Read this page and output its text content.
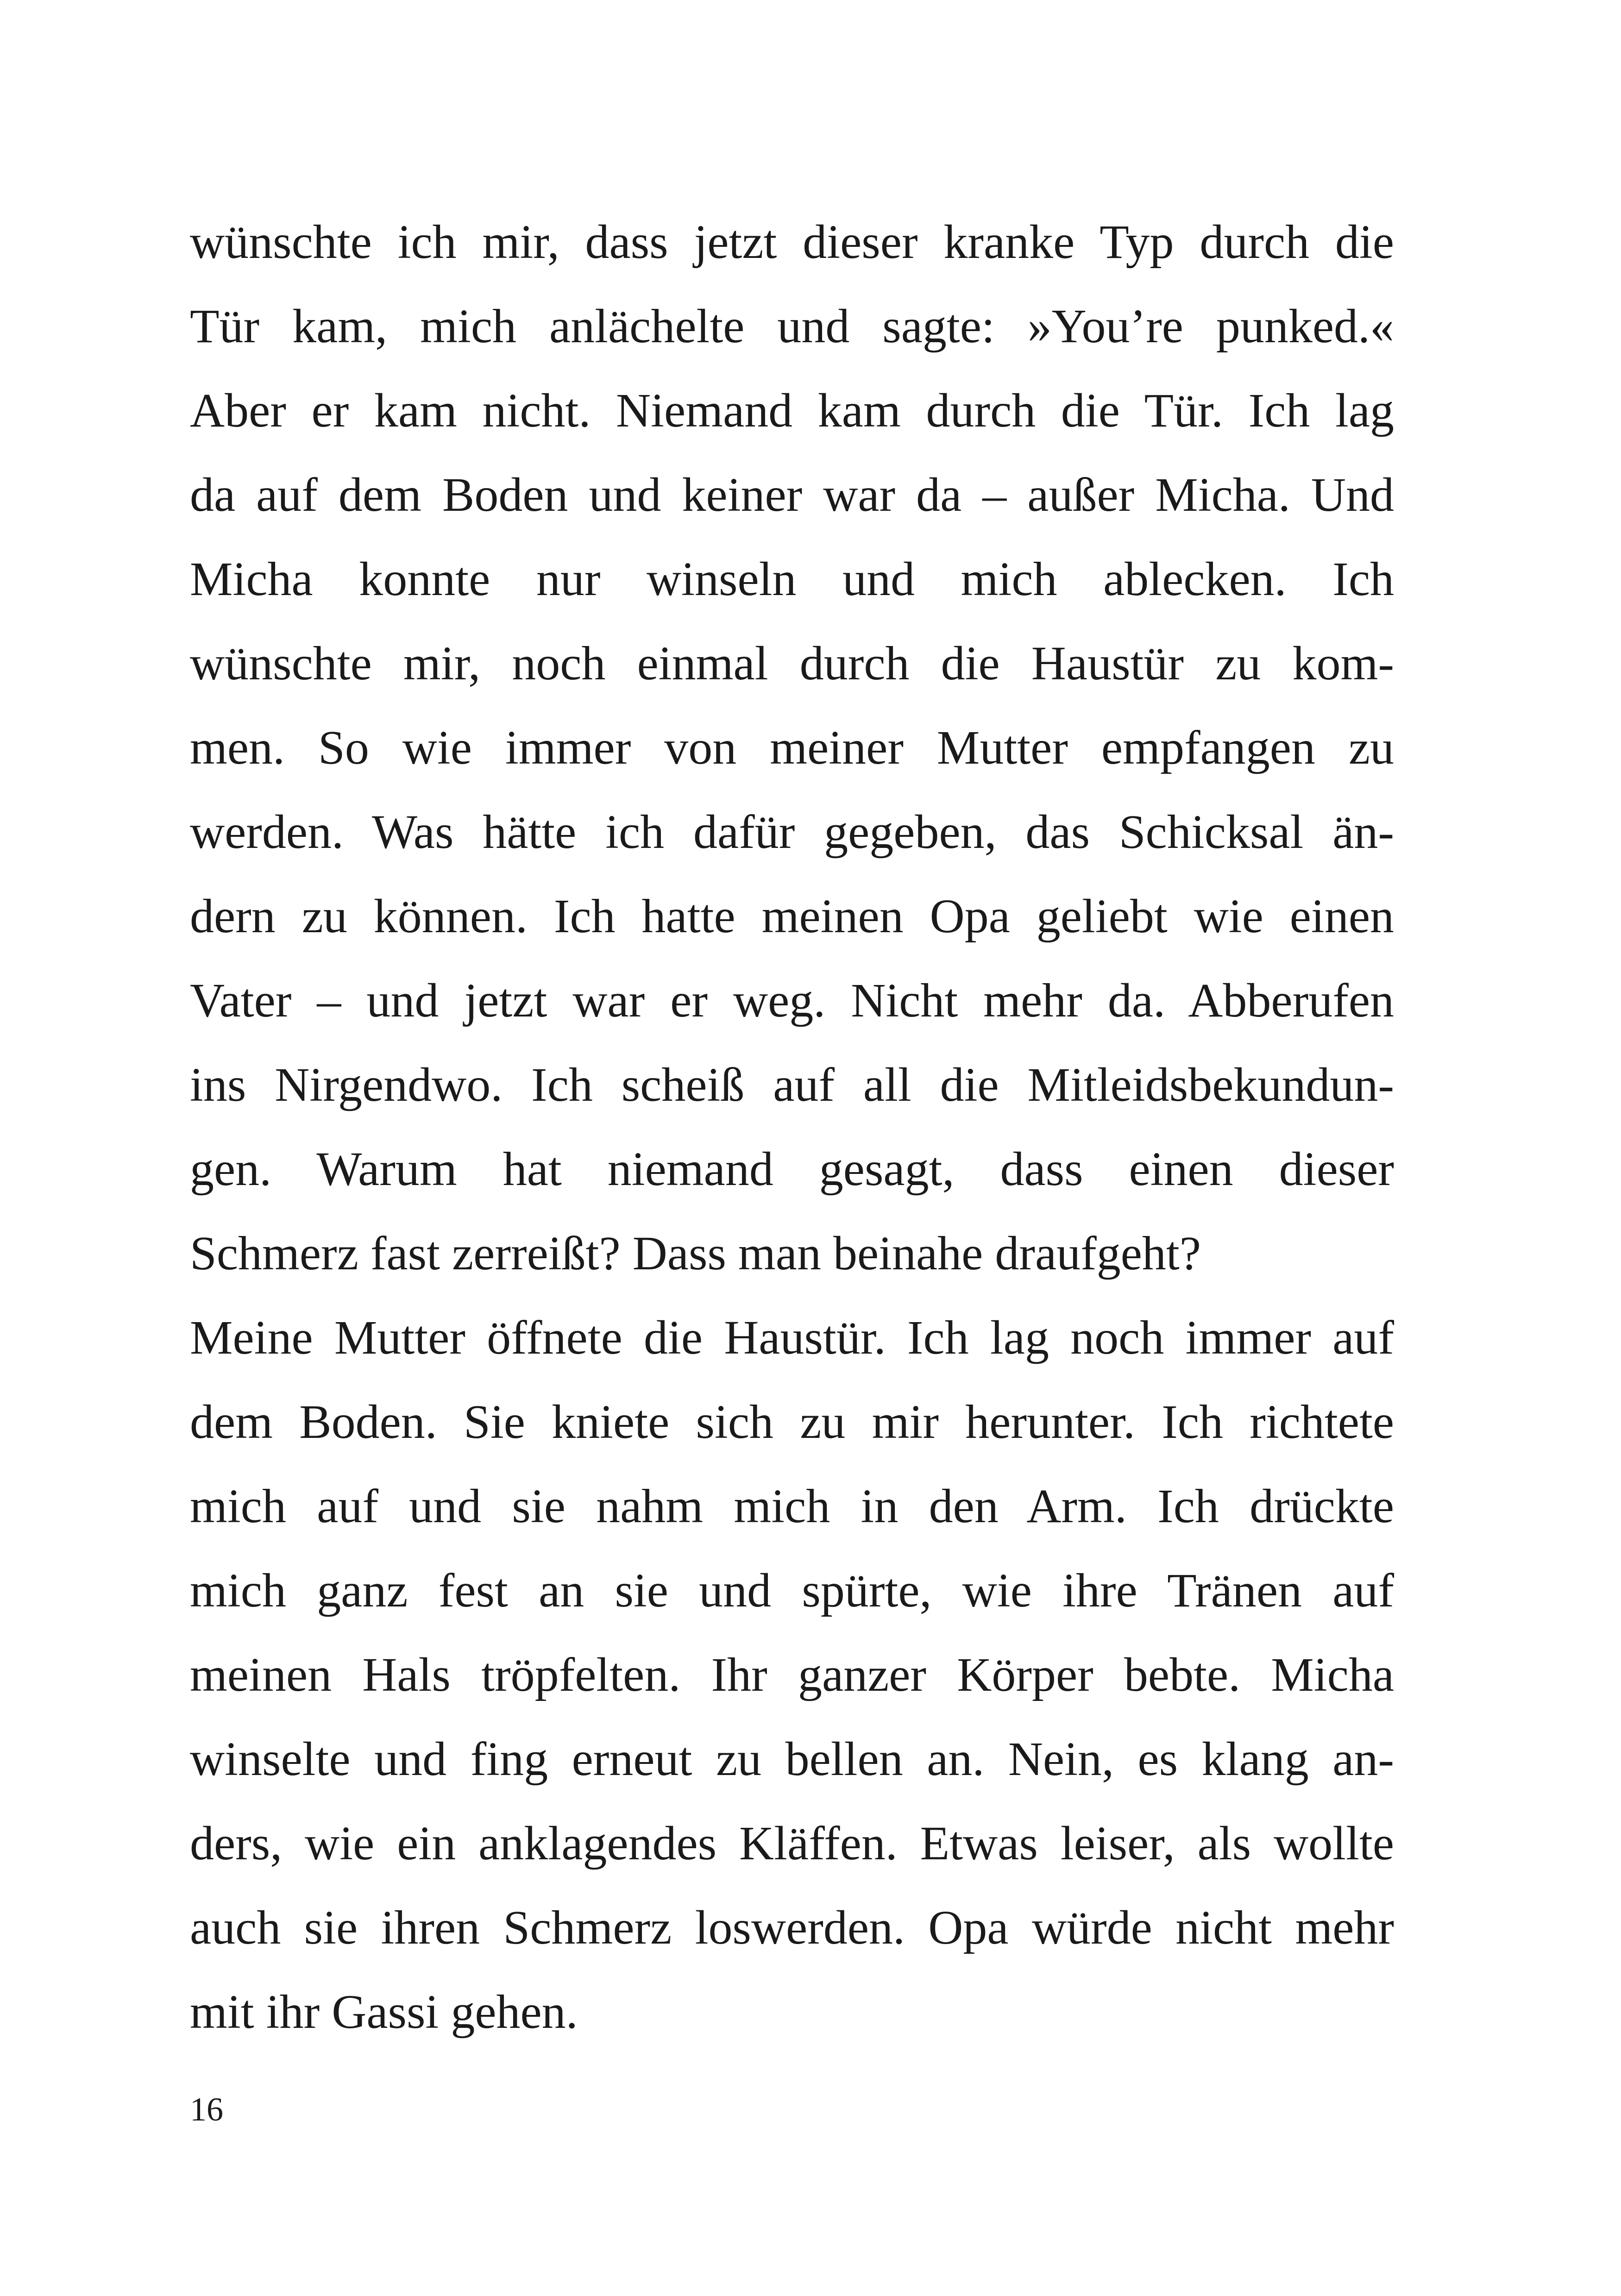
wünschte ich mir, dass jetzt dieser kranke Typ durch die
Tür kam, mich anlächelte und sagte: »You’re punked.«
Aber er kam nicht. Niemand kam durch die Tür. Ich lag
da auf dem Boden und keiner war da – außer Micha. Und
Micha konnte nur winseln und mich ablecken. Ich
wünschte mir, noch einmal durch die Haustür zu kom-
men. So wie immer von meiner Mutter empfangen zu
werden. Was hätte ich dafür gegeben, das Schicksal än-
dern zu können. Ich hatte meinen Opa geliebt wie einen
Vater – und jetzt war er weg. Nicht mehr da. Abberufen
ins Nirgendwo. Ich scheiß auf all die Mitleidsbekundun-
gen. Warum hat niemand gesagt, dass einen dieser
Schmerz fast zerreißt? Dass man beinahe draufgeht?
Meine Mutter öffnete die Haustür. Ich lag noch immer auf
dem Boden. Sie kniete sich zu mir herunter. Ich richtete
mich auf und sie nahm mich in den Arm. Ich drückte
mich ganz fest an sie und spürte, wie ihre Tränen auf
meinen Hals tröpfelten. Ihr ganzer Körper bebte. Micha
winselte und fing erneut zu bellen an. Nein, es klang an-
ders, wie ein anklagendes Kläffen. Etwas leiser, als wollte
auch sie ihren Schmerz loswerden. Opa würde nicht mehr
mit ihr Gassi gehen.
16
